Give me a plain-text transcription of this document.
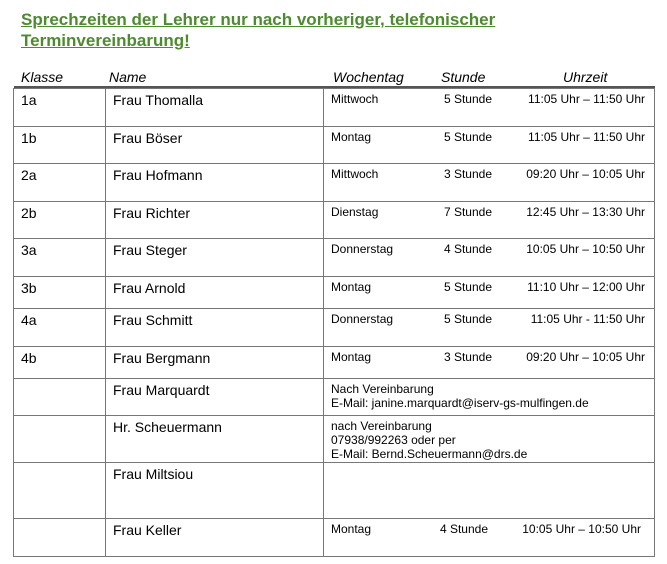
Sprechzeiten der Lehrer nur nach vorheriger, telefonischer
Terminvereinbarung!
Klasse	Name	Wochentag	Stunde	Uhrzeit
1a	Frau Thomalla	Mittwoch 5 Stunde 11:05 Uhr – 11:50 Uhr

1b	Frau Böser	Montag 5 Stunde 11:05 Uhr – 11:50 Uhr

2a	Frau Hofmann	Mittwoch 3 Stunde 09:20 Uhr – 10:05 Uhr

2b	Frau Richter	Dienstag 7 Stunde 12:45 Uhr – 13:30 Uhr

3a	Frau Steger	Donnerstag 4 Stunde 10:05 Uhr – 10:50 Uhr

3b	Frau Arnold	Montag 5 Stunde 11:10 Uhr – 12:00 Uhr

4a	Frau Schmitt	Donnerstag 5 Stunde 11:05 Uhr - 11:50 Uhr

4b	Frau Bergmann	Montag 3 Stunde 09:20 Uhr – 10:05 Uhr

	Frau Marquardt	Nach Vereinbarung
E-Mail: janine.marquardt@iserv-gs-mulfingen.de

	Hr. Scheuermann	nach Vereinbarung
07938/992263 oder per
E-Mail: Bernd.Scheuermann@drs.de

	Frau Miltsiou	

	Frau Keller	Montag 4 Stunde 10:05 Uhr – 10:50 Uhr
